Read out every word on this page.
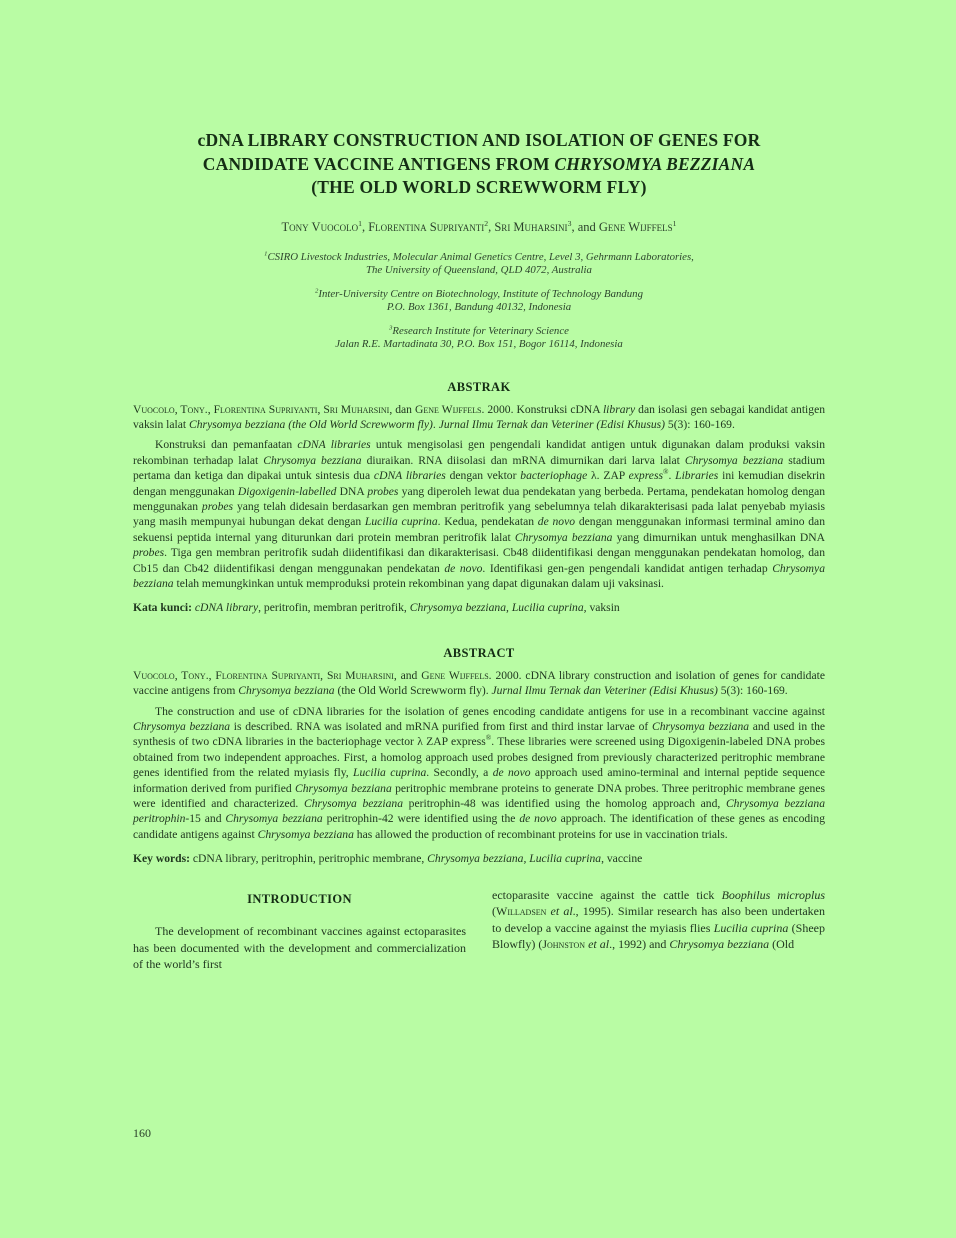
cDNA LIBRARY CONSTRUCTION AND ISOLATION OF GENES FOR
CANDIDATE VACCINE ANTIGENS FROM CHRYSOMYA BEZZIANA
(THE OLD WORLD SCREWWORM FLY)
Tony Vuocolo$^1$, Florentina Supriyanti$^2$, Sri Muharsini$^3$, and Gene Wijffels$^1$
$^1$CSIRO Livestock Industries, Molecular Animal Genetics Centre, Level 3, Gehrmann Laboratories,
The University of Queensland, QLD 4072, Australia
$^2$Inter-University Centre on Biotechnology, Institute of Technology Bandung
P.O. Box 1361, Bandung 40132, Indonesia
$^3$Research Institute for Veterinary Science
Jalan R.E. Martadinata 30, P.O. Box 151, Bogor 16114, Indonesia
ABSTRAK
Vuocolo, Tony., Florentina Supriyanti, Sri Muharsini, dan Gene Wijffels. 2000. Konstruksi cDNA library dan isolasi gen sebagai kandidat antigen vaksin lalat Chrysomya bezziana (the Old World Screwworm fly). Jurnal Ilmu Ternak dan Veteriner (Edisi Khusus) 5(3): 160-169.
Konstruksi dan pemanfaatan cDNA libraries untuk mengisolasi gen pengendali kandidat antigen untuk digunakan dalam produksi vaksin rekombinan terhadap lalat Chrysomya bezziana diuraikan. RNA diisolasi dan mRNA dimurnikan dari larva lalat Chrysomya bezziana stadium pertama dan ketiga dan dipakai untuk sintesis dua cDNA libraries dengan vektor bacteriophage λ. ZAP express®. Libraries ini kemudian disekrin dengan menggunakan Digoxigenin-labelled DNA probes yang diperoleh lewat dua pendekatan yang berbeda. Pertama, pendekatan homolog dengan menggunakan probes yang telah didesain berdasarkan gen membran peritrofik yang sebelumnya telah dikarakterisasi pada lalat penyebab myiasis yang masih mempunyai hubungan dekat dengan Lucilia cuprina. Kedua, pendekatan de novo dengan menggunakan informasi terminal amino dan sekuensi peptida internal yang diturunkan dari protein membran peritrofik lalat Chrysomya bezziana yang dimurnikan untuk menghasilkan DNA probes. Tiga gen membran peritrofik sudah diidentifikasi dan dikarakterisasi. Cb48 diidentifikasi dengan menggunakan pendekatan homolog, dan Cb15 dan Cb42 diidentifikasi dengan menggunakan pendekatan de novo. Identifikasi gen-gen pengendali kandidat antigen terhadap Chrysomya bezziana telah memungkinkan untuk memproduksi protein rekombinan yang dapat digunakan dalam uji vaksinasi.
Kata kunci: cDNA library, peritrofin, membran peritrofik, Chrysomya bezziana, Lucilia cuprina, vaksin
ABSTRACT
Vuocolo, Tony., Florentina Supriyanti, Sri Muharsini, and Gene Wijffels. 2000. cDNA library construction and isolation of genes for candidate vaccine antigens from Chrysomya bezziana (the Old World Screwworm fly). Jurnal Ilmu Ternak dan Veteriner (Edisi Khusus) 5(3): 160-169.
The construction and use of cDNA libraries for the isolation of genes encoding candidate antigens for use in a recombinant vaccine against Chrysomya bezziana is described. RNA was isolated and mRNA purified from first and third instar larvae of Chrysomya bezziana and used in the synthesis of two cDNA libraries in the bacteriophage vector λ ZAP express®. These libraries were screened using Digoxigenin-labeled DNA probes obtained from two independent approaches. First, a homolog approach used probes designed from previously characterized peritrophic membrane genes identified from the related myiasis fly, Lucilia cuprina. Secondly, a de novo approach used amino-terminal and internal peptide sequence information derived from purified Chrysomya bezziana peritrophic membrane proteins to generate DNA probes. Three peritrophic membrane genes were identified and characterized. Chrysomya bezziana peritrophin-48 was identified using the homolog approach and, Chrysomya bezziana peritrophin-15 and Chrysomya bezziana peritrophin-42 were identified using the de novo approach. The identification of these genes as encoding candidate antigens against Chrysomya bezziana has allowed the production of recombinant proteins for use in vaccination trials.
Key words: cDNA library, peritrophin, peritrophic membrane, Chrysomya bezziana, Lucilia cuprina, vaccine
INTRODUCTION
The development of recombinant vaccines against ectoparasites has been documented with the development and commercialization of the world’s first
ectoparasite vaccine against the cattle tick Boophilus microplus (Willadsen et al., 1995). Similar research has also been undertaken to develop a vaccine against the myiasis flies Lucilia cuprina (Sheep Blowfly) (Johnston et al., 1992) and Chrysomya bezziana (Old
160
